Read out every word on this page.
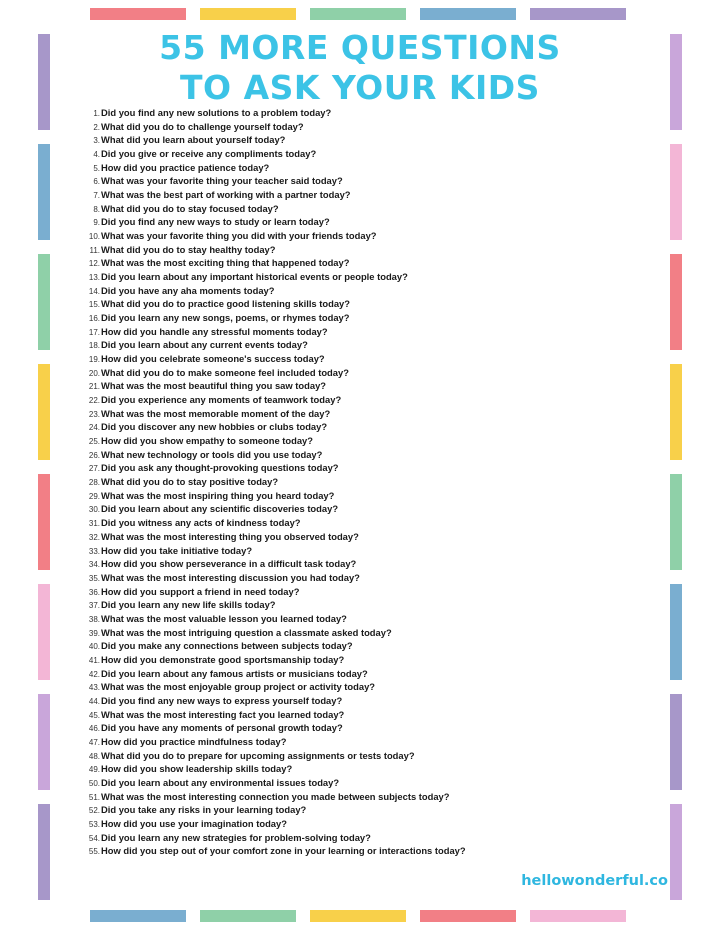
55 MORE QUESTIONS
TO ASK YOUR KIDS
1.Did you find any new solutions to a problem today?
2.What did you do to challenge yourself today?
3.What did you learn about yourself today?
4.Did you give or receive any compliments today?
5.How did you practice patience today?
6.What was your favorite thing your teacher said today?
7.What was the best part of working with a partner today?
8.What did you do to stay focused today?
9.Did you find any new ways to study or learn today?
10.What was your favorite thing you did with your friends today?
11.What did you do to stay healthy today?
12.What was the most exciting thing that happened today?
13.Did you learn about any important historical events or people today?
14.Did you have any aha moments today?
15.What did you do to practice good listening skills today?
16.Did you learn any new songs, poems, or rhymes today?
17.How did you handle any stressful moments today?
18.Did you learn about any current events today?
19.How did you celebrate someone's success today?
20.What did you do to make someone feel included today?
21.What was the most beautiful thing you saw today?
22.Did you experience any moments of teamwork today?
23.What was the most memorable moment of the day?
24.Did you discover any new hobbies or clubs today?
25.How did you show empathy to someone today?
26.What new technology or tools did you use today?
27.Did you ask any thought-provoking questions today?
28.What did you do to stay positive today?
29.What was the most inspiring thing you heard today?
30.Did you learn about any scientific discoveries today?
31.Did you witness any acts of kindness today?
32.What was the most interesting thing you observed today?
33.How did you take initiative today?
34.How did you show perseverance in a difficult task today?
35.What was the most interesting discussion you had today?
36.How did you support a friend in need today?
37.Did you learn any new life skills today?
38.What was the most valuable lesson you learned today?
39.What was the most intriguing question a classmate asked today?
40.Did you make any connections between subjects today?
41.How did you demonstrate good sportsmanship today?
42.Did you learn about any famous artists or musicians today?
43.What was the most enjoyable group project or activity today?
44.Did you find any new ways to express yourself today?
45.What was the most interesting fact you learned today?
46.Did you have any moments of personal growth today?
47.How did you practice mindfulness today?
48.What did you do to prepare for upcoming assignments or tests today?
49.How did you show leadership skills today?
50.Did you learn about any environmental issues today?
51.What was the most interesting connection you made between subjects today?
52.Did you take any risks in your learning today?
53.How did you use your imagination today?
54.Did you learn any new strategies for problem-solving today?
55.How did you step out of your comfort zone in your learning or interactions today?
hellowonderful.co
